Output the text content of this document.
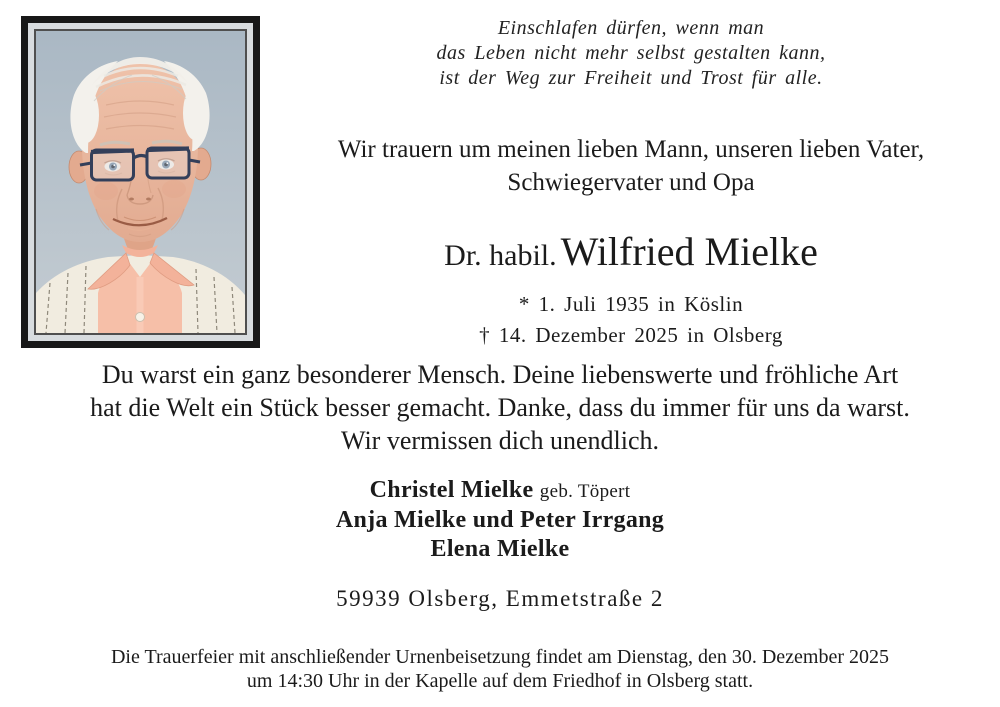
Einschlafen dürfen, wenn man
das Leben nicht mehr selbst gestalten kann,
ist der Weg zur Freiheit und Trost für alle.
Wir trauern um meinen lieben Mann, unseren lieben Vater,
Schwiegervater und Opa
Dr. habil. Wilfried Mielke
* 1. Juli 1935 in Köslin
† 14. Dezember 2025 in Olsberg
Du warst ein ganz besonderer Mensch. Deine liebenswerte und fröhliche Art
hat die Welt ein Stück besser gemacht. Danke, dass du immer für uns da warst.
Wir vermissen dich unendlich.
Christel Mielke geb. Töpert
Anja Mielke und Peter Irrgang
Elena Mielke
59939 Olsberg, Emmetstraße 2
Die Trauerfeier mit anschließender Urnenbeisetzung findet am Dienstag, den 30. Dezember 2025
um 14:30 Uhr in der Kapelle auf dem Friedhof in Olsberg statt.
